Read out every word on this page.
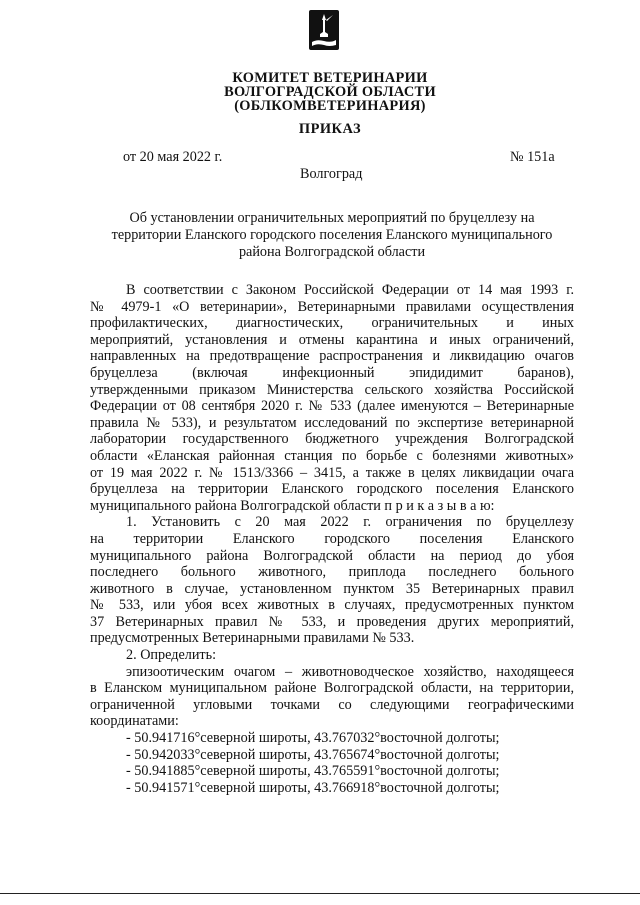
КОМИТЕТ ВЕТЕРИНАРИИ
ВОЛГОГРАДСКОЙ ОБЛАСТИ
(ОБЛКОМВЕТЕРИНАРИЯ)
ПРИКАЗ
от 20 мая 2022 г.	№ 151а
Волгоград
Об установлении ограничительных мероприятий по бруцеллезу на
территории Еланского городского поселения Еланского муниципального
района Волгоградской области
В соответствии с Законом Российской Федерации от 14 мая 1993 г.
№ 4979-1 «О ветеринарии», Ветеринарными правилами осуществления
профилактических, диагностических, ограничительных и иных
мероприятий, установления и отмены карантина и иных ограничений,
направленных на предотвращение распространения и ликвидацию очагов
бруцеллеза (включая инфекционный эпидидимит баранов),
утвержденными приказом Министерства сельского хозяйства Российской
Федерации от 08 сентября 2020 г. № 533 (далее именуются – Ветеринарные
правила № 533), и результатом исследований по экспертизе ветеринарной
лаборатории государственного бюджетного учреждения Волгоградской
области «Еланская районная станция по борьбе с болезнями животных»
от 19 мая 2022 г. № 1513/3366 – 3415, а также в целях ликвидации очага
бруцеллеза на территории Еланского городского поселения Еланского
муниципального района Волгоградской области п р и к а з ы в а ю:
1. Установить с 20 мая 2022 г. ограничения по бруцеллезу
на территории Еланского городского поселения Еланского
муниципального района Волгоградской области на период до убоя
последнего больного животного, приплода последнего больного
животного в случае, установленном пунктом 35 Ветеринарных правил
№ 533, или убоя всех животных в случаях, предусмотренных пунктом
37 Ветеринарных правил № 533, и проведения других мероприятий,
предусмотренных Ветеринарными правилами № 533.
2. Определить:
эпизоотическим очагом – животноводческое хозяйство, находящееся
в Еланском муниципальном районе Волгоградской области, на территории,
ограниченной угловыми точками со следующими географическими
координатами:
- 50.941716°северной широты, 43.767032°восточной долготы;
- 50.942033°северной широты, 43.765674°восточной долготы;
- 50.941885°северной широты, 43.765591°восточной долготы;
- 50.941571°северной широты, 43.766918°восточной долготы;
